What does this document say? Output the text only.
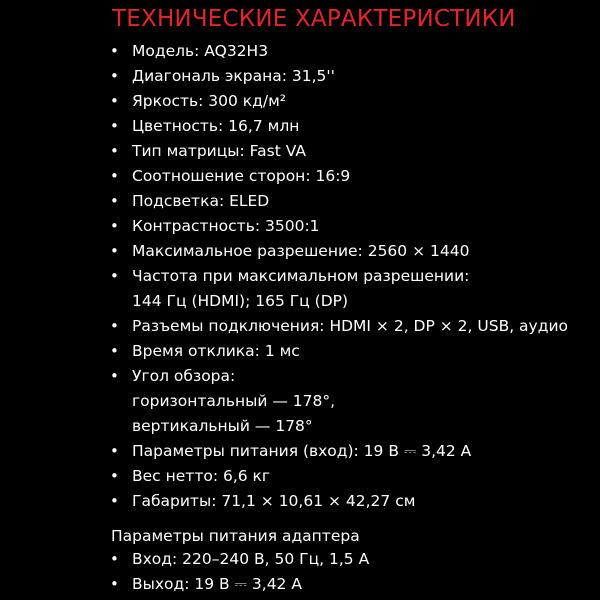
ТЕХНИЧЕСКИЕ ХАРАКТЕРИСТИКИ
• Модель: AQ32H3
• Диагональ экрана: 31,5''
• Яркость: 300 кд/м²
• Цветность: 16,7 млн
• Тип матрицы: Fast VA
• Соотношение сторон: 16:9
• Подсветка: ELED
• Контрастность: 3500:1
• Максимальное разрешение: 2560 × 1440
• Частота при максимальном разрешении:
144 Гц (HDMI); 165 Гц (DP)
• Разъемы подключения: HDMI × 2, DP × 2, USB, аудио
• Время отклика: 1 мс
• Угол обзора:
горизонтальный — 178°,
вертикальный — 178°
• Параметры питания (вход): 19 В ⎓ 3,42 А
• Вес нетто: 6,6 кг
• Габариты: 71,1 × 10,61 × 42,27 см
Параметры питания адаптера
• Вход: 220–240 В, 50 Гц, 1,5 А
• Выход: 19 В ⎓ 3,42 А
